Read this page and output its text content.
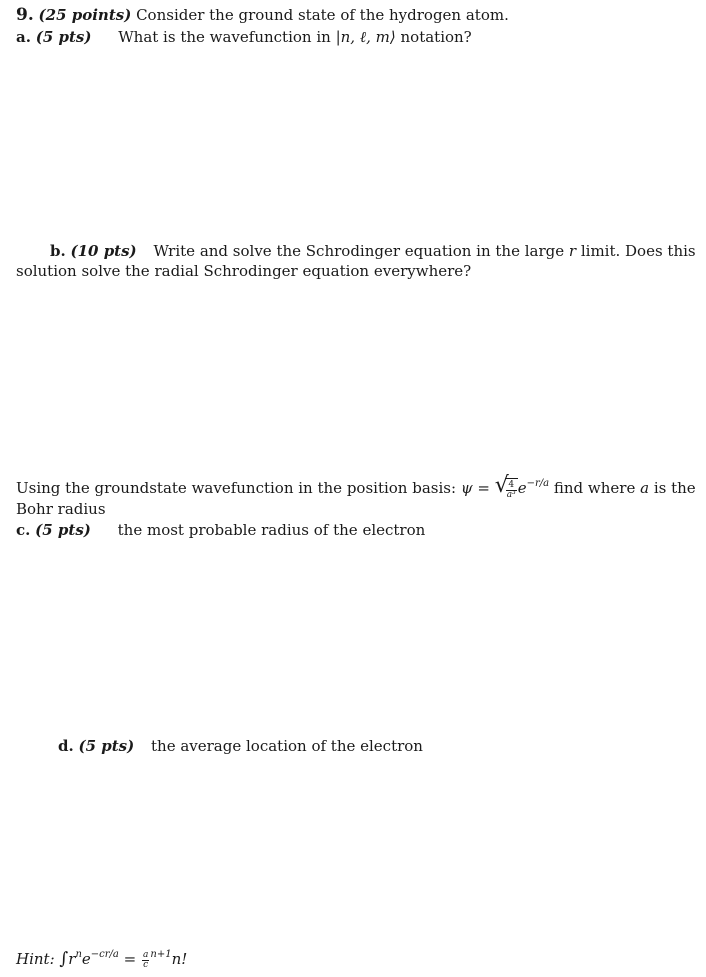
9. (25 points) Consider the ground state of the hydrogen atom.
a. (5 pts) What is the wavefunction in |n, ℓ, m⟩ notation?
b. (10 pts) Write and solve the Schrodinger equation in the large r limit. Does this
solution solve the radial Schrodinger equation everywhere?
Using the groundstate wavefunction in the position basis: ψ = √
$\frac{4}{\text{a³}} e^{-r/a}$ find where a is the
Bohr radius
c. (5 pts) the most probable radius of the electron
d. (5 pts) the average location of the electron
Hint: $\int r^ne^{-cr/a} = \frac{a}{c} ^{n+1}n$!
